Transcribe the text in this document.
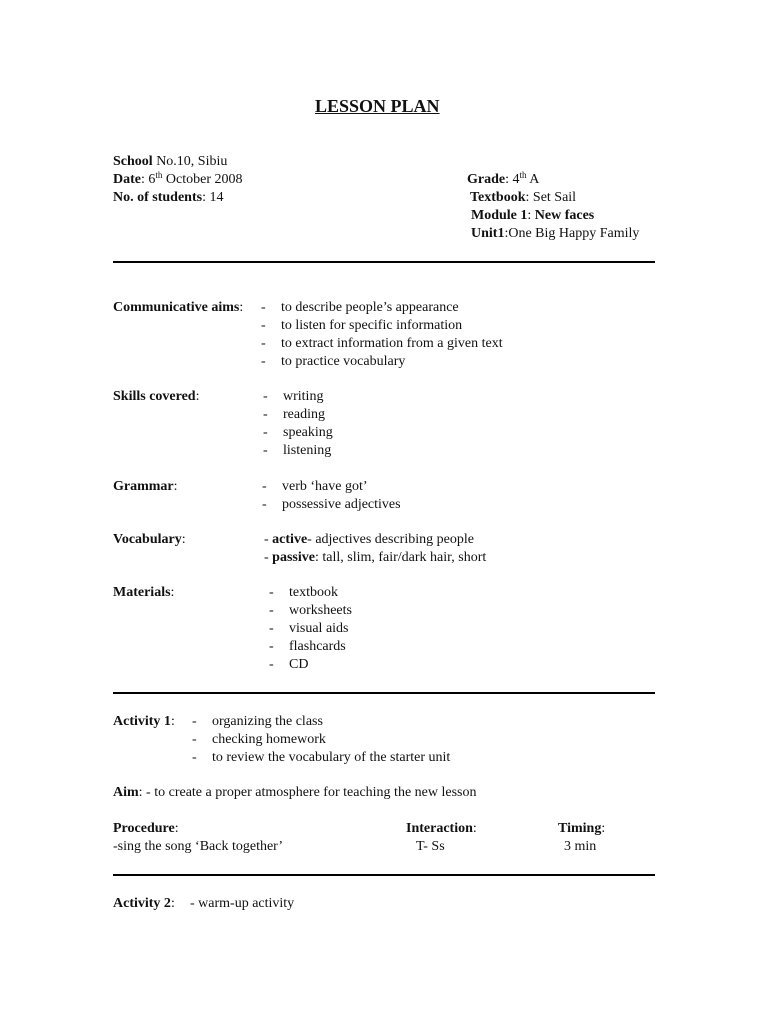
LESSON PLAN
School No.10, Sibiu
Date: 6th October 2008
No. of students: 14
Grade: 4th A
Textbook: Set Sail
Module 1: New faces
Unit1:One Big Happy Family
Communicative aims: - to describe people’s appearance
- to listen for specific information
- to extract information from a given text
- to practice vocabulary
Skills covered:	- writing
- reading
- speaking
- listening
Grammar:	- verb ‘have got’
- possessive adjectives
Vocabulary:	- active- adjectives describing people
- passive: tall, slim, fair/dark hair, short
Materials:	- textbook
- worksheets
- visual aids
- flashcards
- CD
Activity 1: - organizing the class
- checking homework
- to review the vocabulary of the starter unit
Aim: - to create a proper atmosphere for teaching the new lesson
Procedure:	Interaction:	Timing:
-sing the song ‘Back together’	T- Ss	3 min
Activity 2: - warm-up activity
